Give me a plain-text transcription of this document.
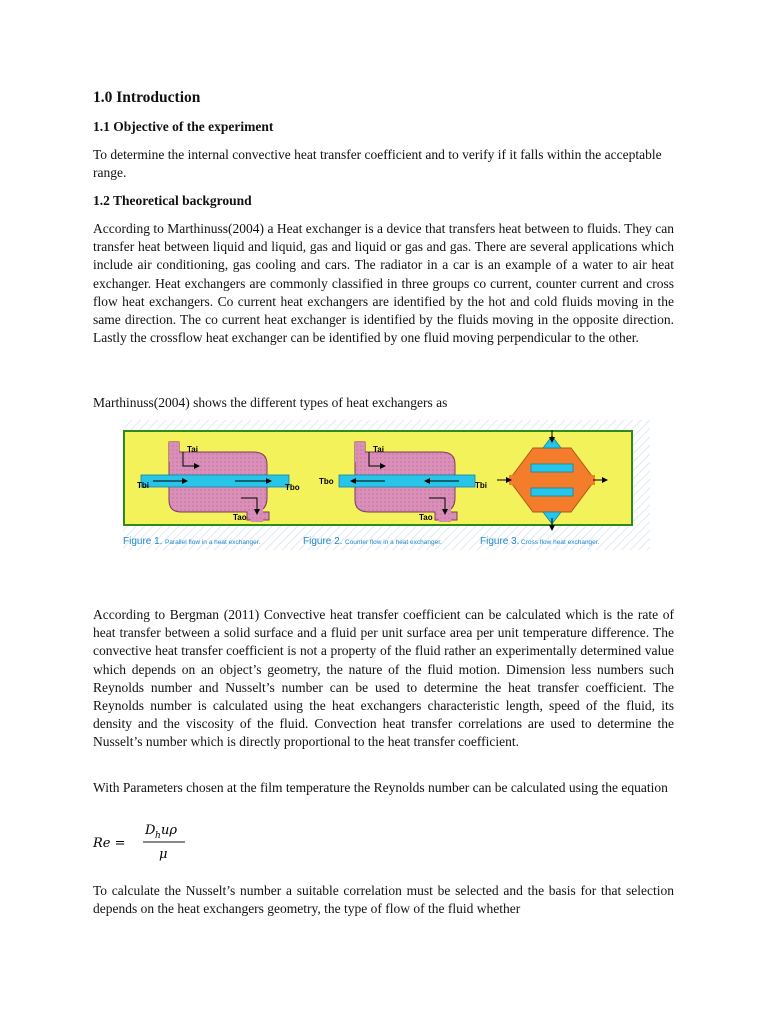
1.0 Introduction
1.1 Objective of the experiment
To determine the internal convective heat transfer coefficient and to verify if it falls within the acceptable range.
1.2 Theoretical background
According to Marthinuss(2004) a Heat exchanger is a device that transfers heat between to fluids. They can transfer heat between liquid and liquid, gas and liquid or gas and gas. There are several applications which include air conditioning, gas cooling and cars. The radiator in a car is an example of a water to air heat exchanger. Heat exchangers are commonly classified in three groups co current, counter current and cross flow heat exchangers. Co current heat exchangers are identified by the hot and cold fluids moving in the same direction. The co current heat exchanger is identified by the fluids moving in the opposite direction. Lastly the crossflow heat exchanger can be identified by one fluid moving perpendicular to the other.
Marthinuss(2004) shows the different types of heat exchangers as
According to Bergman (2011) Convective heat transfer coefficient can be calculated which is the rate of heat transfer between a solid surface and a fluid per unit surface area per unit temperature difference. The convective heat transfer coefficient is not a property of the fluid rather an experimentally determined value which depends on an object’s geometry, the nature of the fluid motion. Dimension less numbers such Reynolds number and Nusselt’s number can be used to determine the heat transfer coefficient. The Reynolds number is calculated using the heat exchangers characteristic length, speed of the fluid, its density and the viscosity of the fluid. Convection heat transfer correlations are used to determine the Nusselt’s number which is directly proportional to the heat transfer coefficient.
With Parameters chosen at the film temperature the Reynolds number can be calculated using the equation
To calculate the Nusselt’s number a suitable correlation must be selected and the basis for that selection depends on the heat exchangers geometry, the type of flow of the fluid whether
Tai
Tbi	Tbo
Tao
Tai
Tbo	Tbi
Tao
Figure 1. Parallel flow in a heat exchanger.	Figure 2. Counter flow in a heat exchanger.	Figure 3. Cross flow heat exchanger.
Re =
D h uρ
μ
